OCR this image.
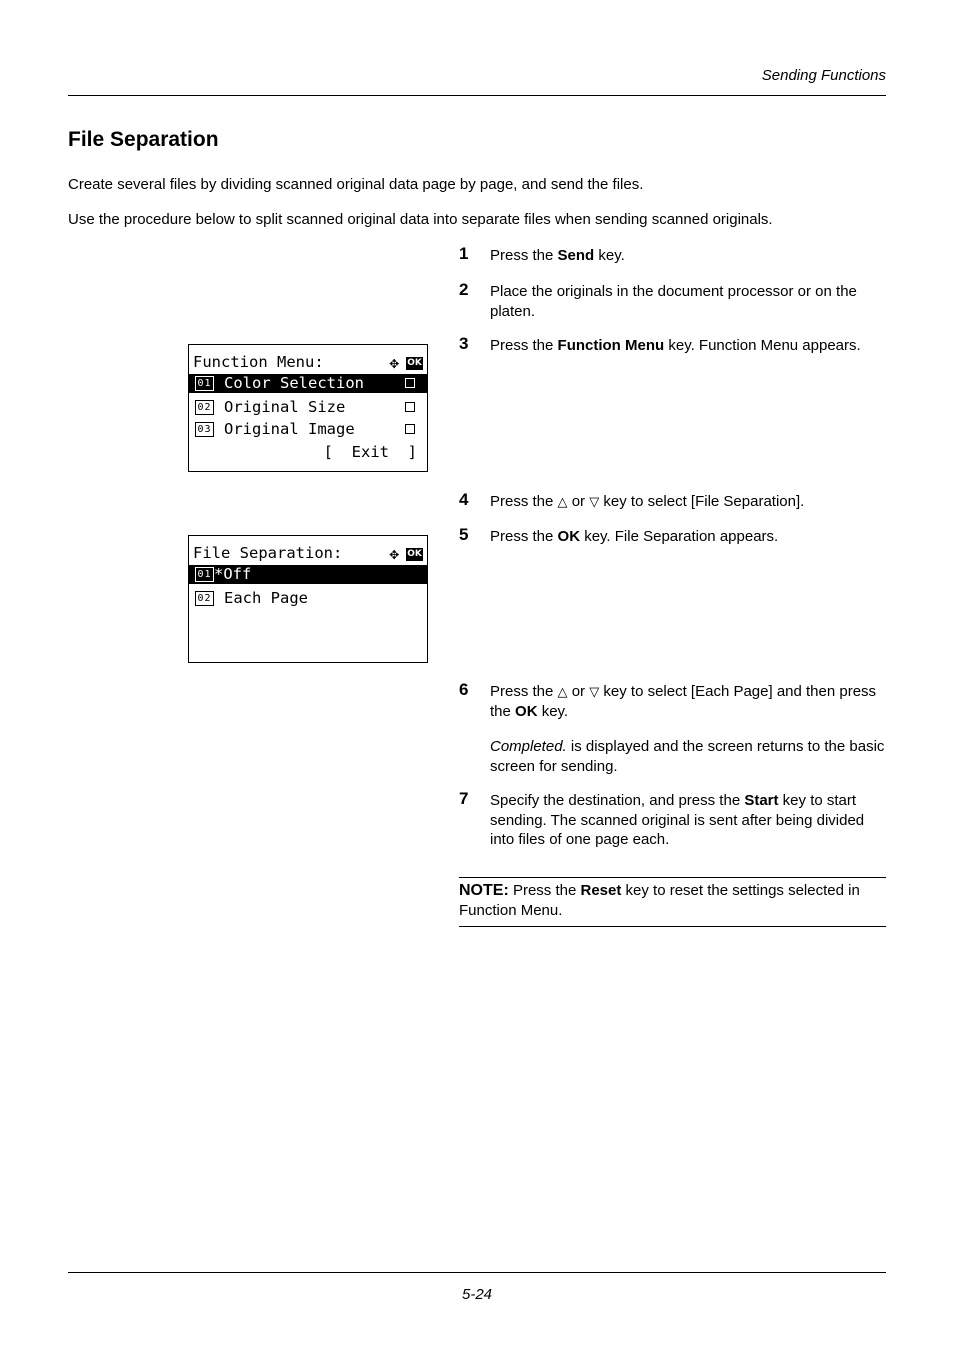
Sending Functions
File Separation

Create several files by dividing scanned original data page by page, and send the files.

Use the procedure below to split scanned original data into separate files when sending scanned originals.

1 Press the Send key.
2 Place the originals in the document processor or on the platen.
3 Press the Function Menu key. Function Menu appears.

Function Menu:

	✥

OK

01

Color Selection

02

Original Size

03

Original Image

[  Exit  ]

4 Press the △ or ▽ key to select [File Separation].
5 Press the OK key. File Separation appears.

File Separation:

	✥

OK

01

*Off

02

Each Page

6 Press the △ or ▽ key to select [Each Page] and then press the OK key.
Completed. is displayed and the screen returns to the basic screen for sending.
7 Specify the destination, and press the Start key to start sending. The scanned original is sent after being divided into files of one page each.
NOTE: Press the Reset key to reset the settings selected in Function Menu.
5-24
